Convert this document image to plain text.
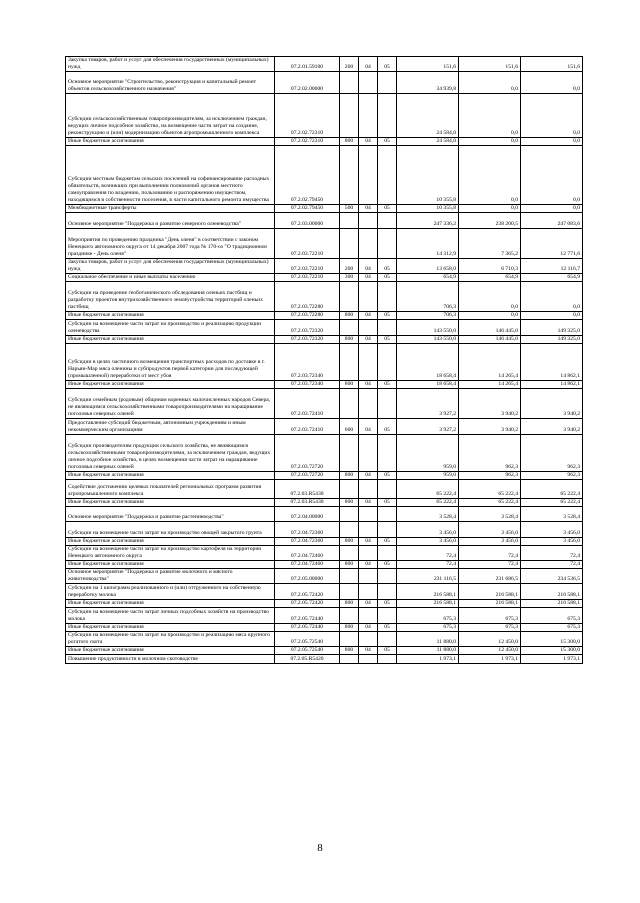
Закупка товаров, работ и услуг для обеспечения государственных (муниципальных) нужд	07.2.01.59100	200	04	05	151,6	151,6	151,6
Основное мероприятие "Строительство, реконструкция и капитальный ремонт объектов сельскохозяйственного назначения"	07.2.02.00000				34 939,8	0,0	0,0
Субсидии сельскохозяйственным товаропроизводителям, за исключением граждан, ведущих личное подсобное хозяйство, на возмещение части затрат на создание, реконструкцию и (или) модернизацию объектов агропромышленного комплекса	07.2.02.72310				24 584,0	0,0	0,0
Иные бюджетные ассигнования	07.2.02.72310	800	04	05	24 584,0	0,0	0,0
Субсидии местным бюджетам сельских поселений на софинансирование расходных обязательств, возникших при выполнении полномочий органов местного самоуправления по владению, пользованию и распоряжению имуществом, находящимся в собственности поселения, в части капитального ремонта имущества	07.2.02.79450				10 355,8	0,0	0,0
Межбюджетные трансферты	07.2.02.79450	500	04	05	10 355,8	0,0	0,0
Основное мероприятие "Поддержка и развитие северного оленеводства"	07.2.03.00000				247 336,2	238 200,5	247 083,6
Мероприятия по проведению праздника "День оленя" в соответствии с законом Ненецкого автономного округа от 14 декабря 2007 года № 170-оз "О традиционном празднике - День оленя"	07.2.03.72210				14 312,9	7 365,2	12 771,6
Закупка товаров, работ и услуг для обеспечения государственных (муниципальных) нужд	07.2.03.72210	200	04	05	13 658,0	6 710,3	12 116,7
Социальное обеспечение и иные выплаты населению	07.2.03.72210	300	04	05	654,9	654,9	654,9
Субсидии на проведение геоботанического обследования оленьих пастбищ и разработку проектов внутрихозяйственного землеустройства территорий оленьих пастбищ	07.2.03.72280				706,3	0,0	0,0
Иные бюджетные ассигнования	07.2.03.72280	800	04	05	706,3	0,0	0,0
Субсидии на возмещение части затрат на производство и реализацию продукции оленеводства	07.2.03.72320				143 550,0	146 445,0	149 325,0
Иные бюджетные ассигнования	07.2.03.72320	800	04	05	143 550,0	146 445,0	149 325,0
Субсидии в целях частичного возмещения транспортных расходов по доставке в г. Нарьян-Мар мяса оленины и субпродуктов первой категории для последующей (промышленной) переработки от мест убоя	07.2.03.72340				18 658,4	14 265,4	14 862,1
Иные бюджетные ассигнования	07.2.03.72340	800	04	05	18 658,4	14 265,4	14 862,1
Субсидии семейным (родовым) общинам коренных малочисленных народов Севера, не являющимся сельскохозяйственными товаропроизводителями на наращивание поголовья северных оленей	07.2.03.72410				3 927,2	3 940,2	3 940,2
Предоставление субсидий бюджетным, автономным учреждениям и иным некоммерческим организациям	07.2.03.72410	600	04	05	3 927,2	3 940,2	3 940,2
Субсидии производителям продукции сельского хозяйства, не являющимся сельскохозяйственными товаропроизводителями, за исключением граждан, ведущих личное подсобное хозяйство, в целях возмещения части затрат на наращивание поголовья северных оленей	07.2.03.72720				959,0	962,3	962,3
Иные бюджетные ассигнования	07.2.03.72720	800	04	05	959,0	962,3	962,3
Содействие достижению целевых показателей региональных программ развития агропромышленного комплекса	07.2.03.R5430				65 222,4	65 222,4	65 222,4
Иные бюджетные ассигнования	07.2.03.R5430	800	04	05	65 222,4	65 222,4	65 222,4
Основное мероприятие "Поддержка и развитие растениеводства"	07.2.04.00000				3 528,4	3 528,4	3 528,4
Субсидии на возмещение части затрат на производство овощей закрытого грунта	07.2.04.72360				3 456,0	3 456,0	3 456,0
Иные бюджетные ассигнования	07.2.04.72360	800	04	05	3 456,0	3 456,0	3 456,0
Субсидии на возмещение части затрат на производство картофеля на территории Ненецкого автономного округа	07.2.04.72460				72,4	72,4	72,4
Иные бюджетные ассигнования	07.2.04.72460	800	04	05	72,4	72,4	72,4
Основное мероприятие "Поддержка и развитие молочного и мясного животноводства"	07.2.05.00000				231 116,5	231 686,5	234 536,5
Субсидии на 1 килограмм реализованного и (или) отгруженного на собственную переработку молока	07.2.05.72420				216 588,1	216 588,1	216 588,1
Иные бюджетные ассигнования	07.2.05.72420	800	04	05	216 588,1	216 588,1	216 588,1
Субсидии на возмещение части затрат личных подсобных хозяйств на производство молока	07.2.05.72440				675,3	675,3	675,3
Иные бюджетные ассигнования	07.2.05.72440	800	04	05	675,3	675,3	675,3
Субсидии на возмещение части затрат на производство и реализацию мяса крупного рогатого скота	07.2.05.72540				11 880,0	12 450,0	15 300,0
Иные бюджетные ассигнования	07.2.05.72540	800	04	05	11 880,0	12 450,0	15 300,0
Повышение продуктивности в молочном скотоводстве	07.2.05.R5420				1 973,1	1 973,1	1 973,1
8
